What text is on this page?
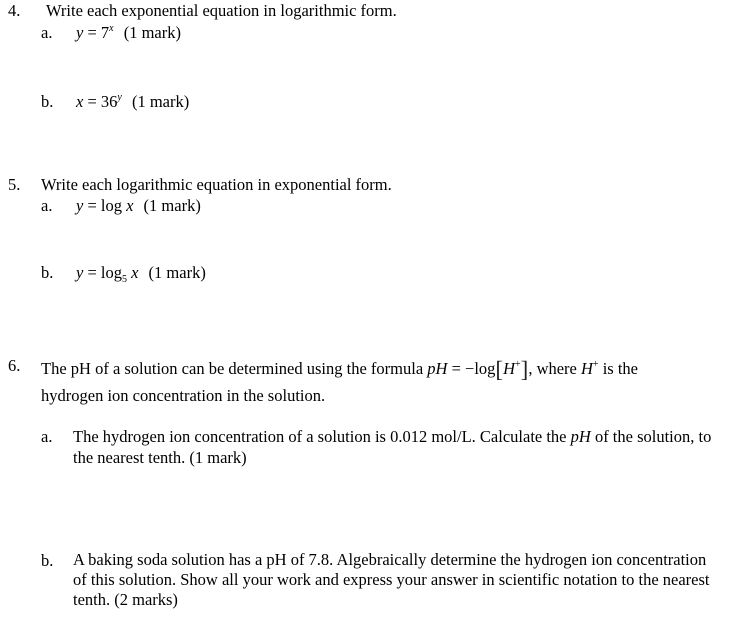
4. Write each exponential equation in logarithmic form.
a. $y = 7^x$ (1 mark)
b. $x = 36^y$ (1 mark)
5. Write each logarithmic equation in exponential form.
a. y = log x (1 mark)
b. $y = \log_5 x$ (1 mark)
6. The pH of a solution can be determined using the formula pH = −log[H+], where H+ is the
hydrogen ion concentration in the solution.
a. The hydrogen ion concentration of a solution is 0.012 mol/L. Calculate the pH of the solution, to the nearest tenth. (1 mark)
b. A baking soda solution has a pH of 7.8. Algebraically determine the hydrogen ion concentration of this solution. Show all your work and express your answer in scientific notation to the nearest tenth. (2 marks)
